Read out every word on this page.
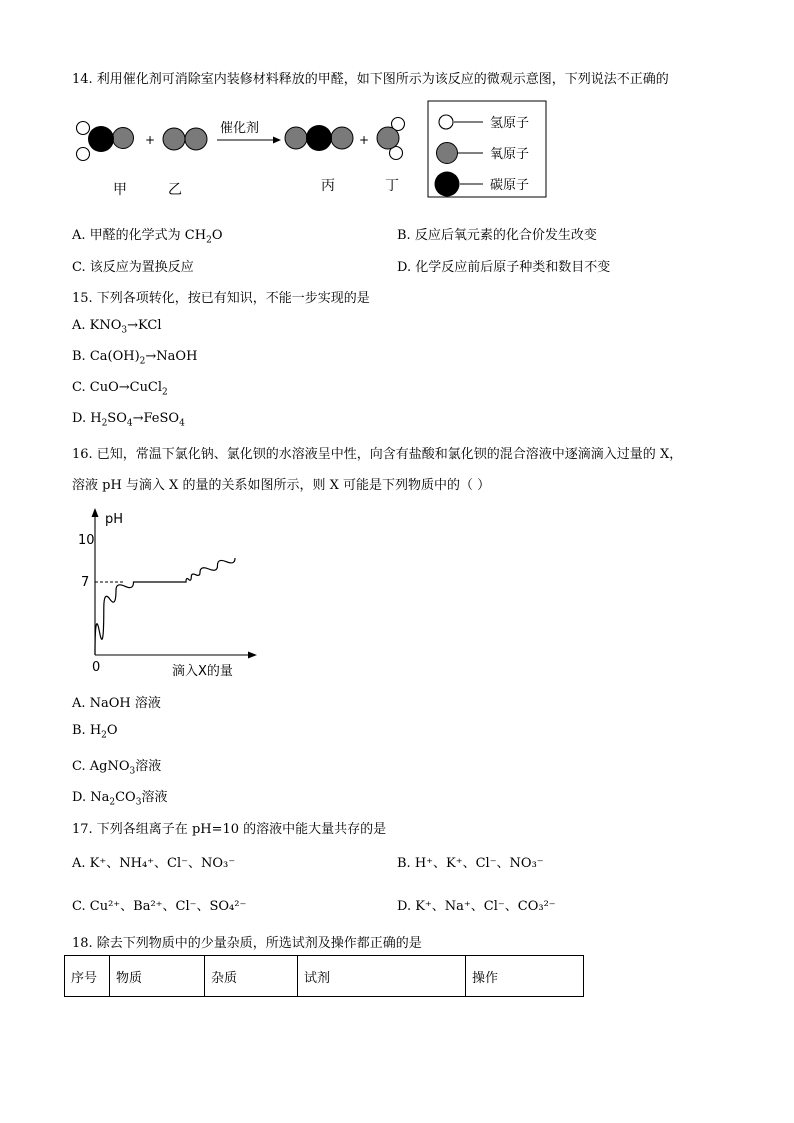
14. 利用催化剂可消除室内装修材料释放的甲醛，如下图所示为该反应的微观示意图，下列说法不正确的
+
催化剂
+
甲	乙	丙	丁
氢原子
氧原子
碳原子
A. 甲醛的化学式为 $CH_2O$	B. 反应后氧元素的化合价发生改变
C. 该反应为置换反应	D. 化学反应前后原子种类和数目不变
15. 下列各项转化，按已有知识，不能一步实现的是
A. $KNO_3\to KCl$
B. $Ca(OH)_2\to NaOH$
C. CuO→CuCl$_2$
D. $H_2SO_4\to FeSO_4$
16. 已知，常温下氯化钠、氯化钡的水溶液呈中性，向含有盐酸和氯化钡的混合溶液中逐滴滴入过量的 X，
溶液 pH 与滴入 X 的量的关系如图所示，则 X 可能是下列物质中的（ ）
pH
10
7
0	滴入X的量
A. NaOH 溶液
B. $H_2O$
C. AgNO$_3$溶液
D. $Na_2CO_3$溶液
17. 下列各组离子在 pH=10 的溶液中能大量共存的是
A. K⁺、NH₄⁺、Cl⁻、NO₃⁻	B. H⁺、K⁺、Cl⁻、NO₃⁻
C. Cu²⁺、Ba²⁺、Cl⁻、SO₄²⁻	D. K⁺、Na⁺、Cl⁻、CO₃²⁻
18. 除去下列物质中的少量杂质，所选试剂及操作都正确的是
序号	物质	杂质	试剂	操作
